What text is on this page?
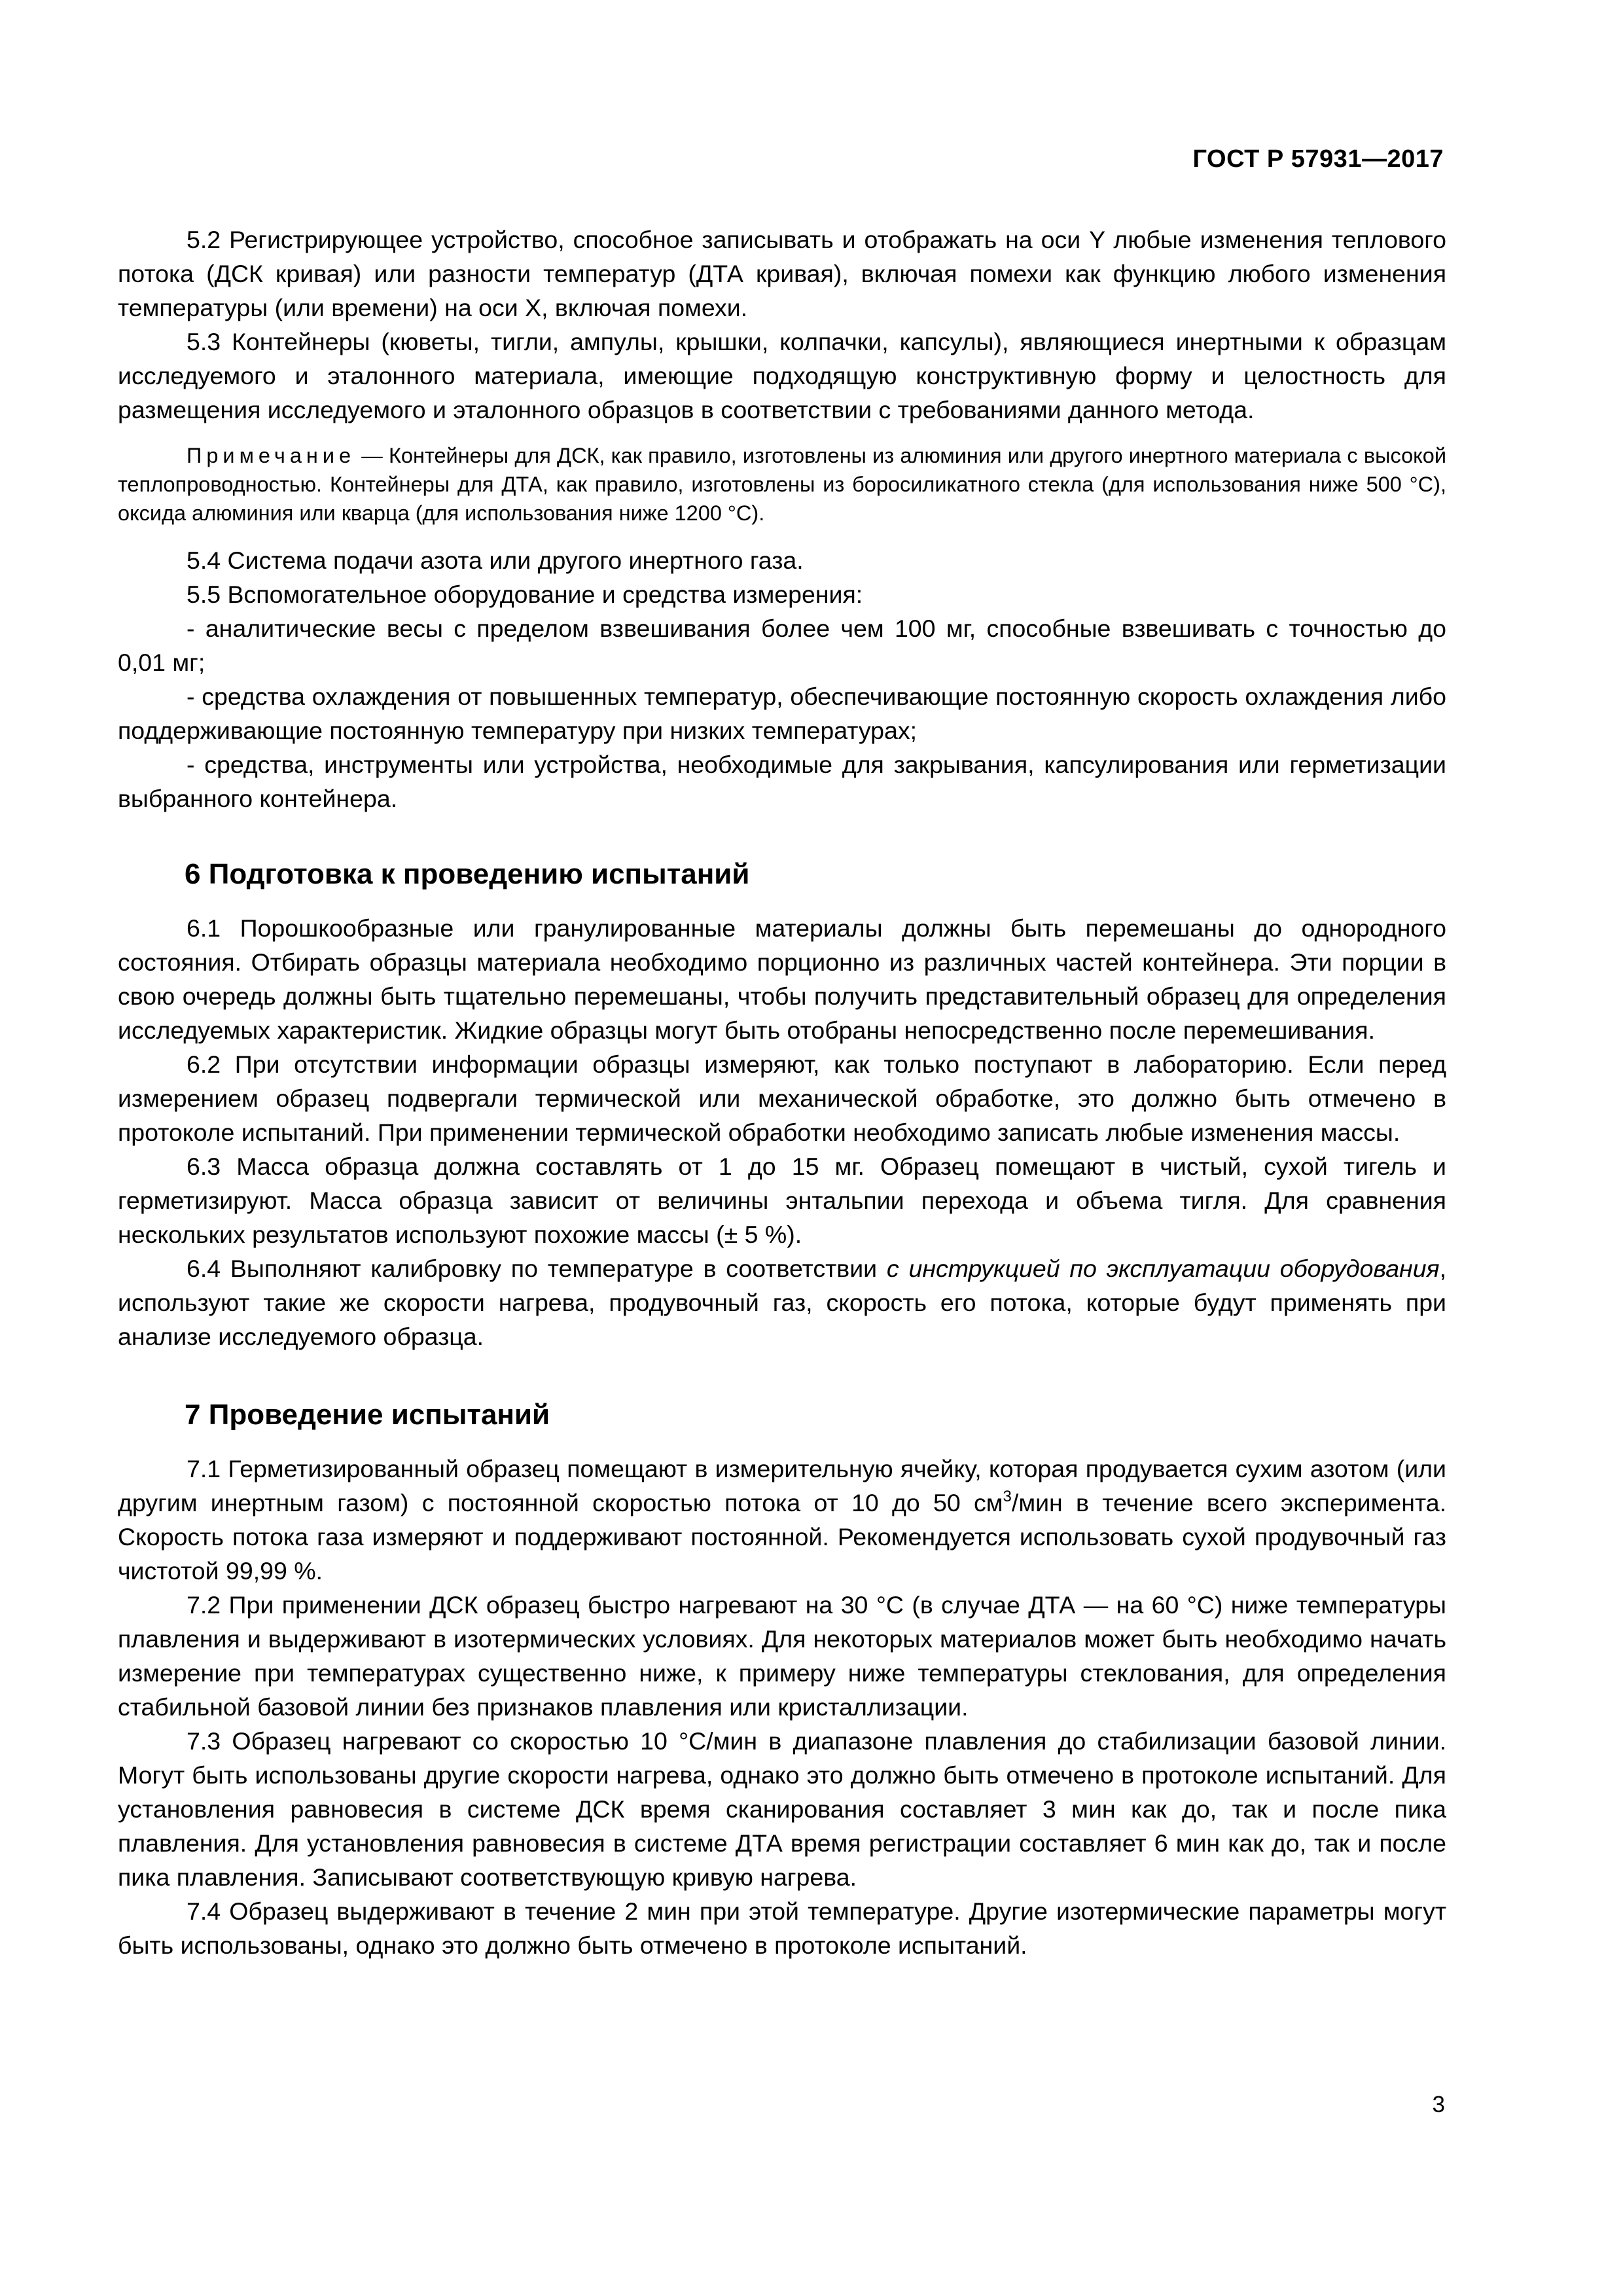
ГОСТ Р 57931—2017

5.2 Регистрирующее устройство, способное записывать и отображать на оси Y любые изменения теплового потока (ДСК кривая) или разности температур (ДТА кривая), включая помехи как функцию любого изменения температуры (или времени) на оси X, включая помехи.

5.3 Контейнеры (кюветы, тигли, ампулы, крышки, колпачки, капсулы), являющиеся инертными к образцам исследуемого и эталонного материала, имеющие подходящую конструктивную форму и целостность для размещения исследуемого и эталонного образцов в соответствии с требованиями данного метода.

Примечание — Контейнеры для ДСК, как правило, изготовлены из алюминия или другого инертного материала с высокой теплопроводностью. Контейнеры для ДТА, как правило, изготовлены из боросиликатного стекла (для использования ниже 500 °С), оксида алюминия или кварца (для использования ниже 1200 °С).

5.4 Система подачи азота или другого инертного газа.

5.5 Вспомогательное оборудование и средства измерения:

- аналитические весы с пределом взвешивания более чем 100 мг, способные взвешивать с точностью до 0,01 мг;

- средства охлаждения от повышенных температур, обеспечивающие постоянную скорость охлаждения либо поддерживающие постоянную температуру при низких температурах;

- средства, инструменты или устройства, необходимые для закрывания, капсулирования или герметизации выбранного контейнера.

6 Подготовка к проведению испытаний

6.1 Порошкообразные или гранулированные материалы должны быть перемешаны до однородного состояния. Отбирать образцы материала необходимо порционно из различных частей контейнера. Эти порции в свою очередь должны быть тщательно перемешаны, чтобы получить представительный образец для определения исследуемых характеристик. Жидкие образцы могут быть отобраны непосредственно после перемешивания.

6.2 При отсутствии информации образцы измеряют, как только поступают в лабораторию. Если перед измерением образец подвергали термической или механической обработке, это должно быть отмечено в протоколе испытаний. При применении термической обработки необходимо записать любые изменения массы.

6.3 Масса образца должна составлять от 1 до 15 мг. Образец помещают в чистый, сухой тигель и герметизируют. Масса образца зависит от величины энтальпии перехода и объема тигля. Для сравнения нескольких результатов используют похожие массы (± 5 %).

6.4 Выполняют калибровку по температуре в соответствии с инструкцией по эксплуатации оборудования, используют такие же скорости нагрева, продувочный газ, скорость его потока, которые будут применять при анализе исследуемого образца.

7 Проведение испытаний

7.1 Герметизированный образец помещают в измерительную ячейку, которая продувается сухим азотом (или другим инертным газом) с постоянной скоростью потока от 10 до 50 $см^3$/мин в течение всего эксперимента. Скорость потока газа измеряют и поддерживают постоянной. Рекомендуется использовать сухой продувочный газ чистотой 99,99 %.

7.2 При применении ДСК образец быстро нагревают на 30 °С (в случае ДТА — на 60 °С) ниже температуры плавления и выдерживают в изотермических условиях. Для некоторых материалов может быть необходимо начать измерение при температурах существенно ниже, к примеру ниже температуры стеклования, для определения стабильной базовой линии без признаков плавления или кристаллизации.

7.3 Образец нагревают со скоростью 10 °С/мин в диапазоне плавления до стабилизации базовой линии. Могут быть использованы другие скорости нагрева, однако это должно быть отмечено в протоколе испытаний. Для установления равновесия в системе ДСК время сканирования составляет 3 мин как до, так и после пика плавления. Для установления равновесия в системе ДТА время регистрации составляет 6 мин как до, так и после пика плавления. Записывают соответствующую кривую нагрева.

7.4 Образец выдерживают в течение 2 мин при этой температуре. Другие изотермические параметры могут быть использованы, однако это должно быть отмечено в протоколе испытаний.

3
